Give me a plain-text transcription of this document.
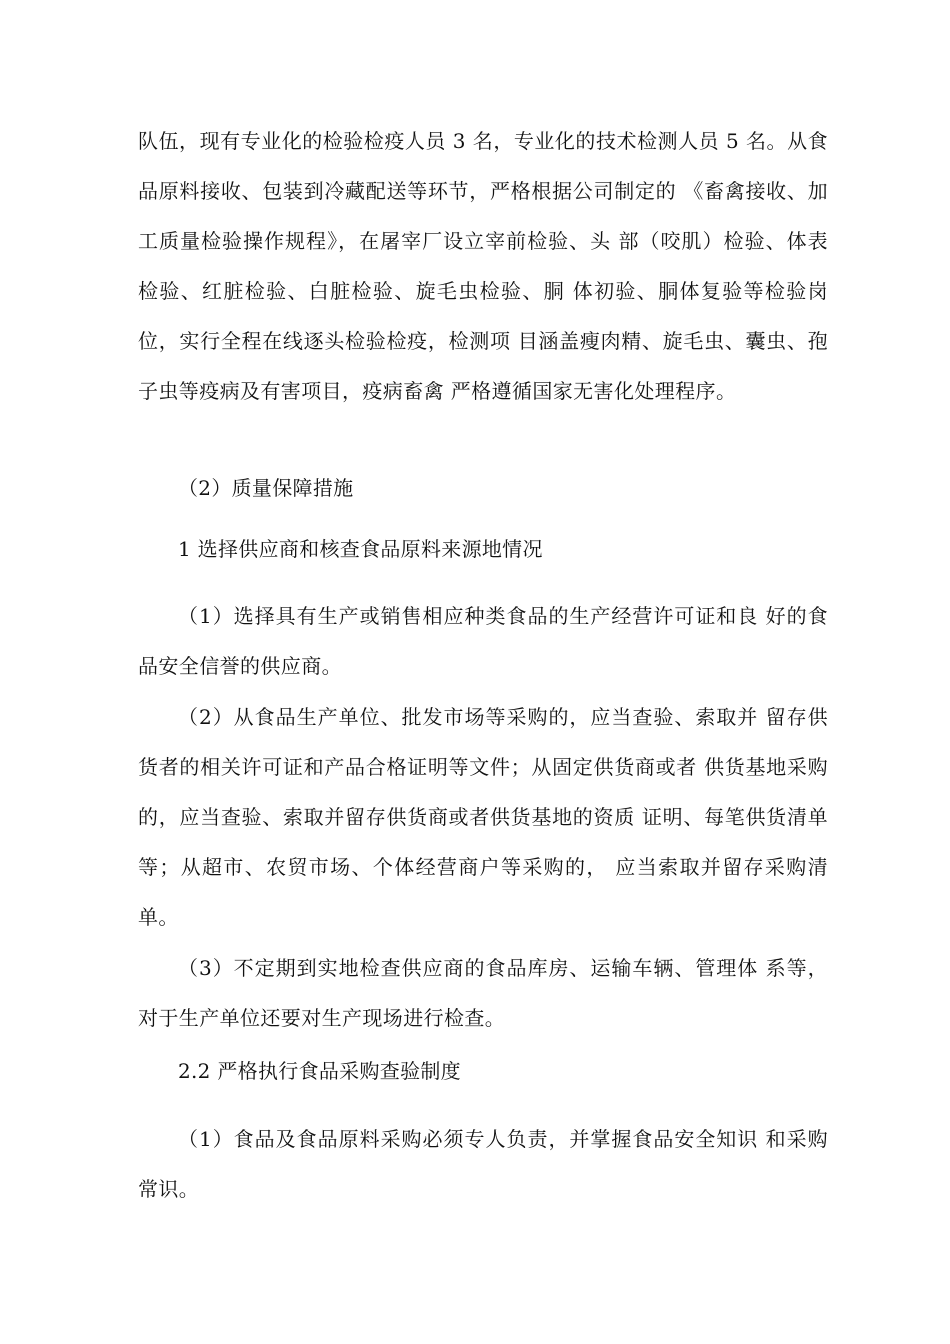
队伍，现有专业化的检验检疫人员 3 名，专业化的技术检测人员 5 名。从食品原料接收、包装到冷藏配送等环节，严格根据公司制定的 《畜禽接收、加工质量检验操作规程》，在屠宰厂设立宰前检验、头 部（咬肌）检验、体表检验、红脏检验、白脏检验、旋毛虫检验、胴 体初验、胴体复验等检验岗位，实行全程在线逐头检验检疫，检测项 目涵盖瘦肉精、旋毛虫、囊虫、孢子虫等疫病及有害项目，疫病畜禽 严格遵循国家无害化处理程序。

（2）质量保障措施

1 选择供应商和核查食品原料来源地情况

（1）选择具有生产或销售相应种类食品的生产经营许可证和良 好的食品安全信誉的供应商。

（2）从食品生产单位、批发市场等采购的，应当查验、索取并 留存供货者的相关许可证和产品合格证明等文件；从固定供货商或者 供货基地采购的，应当查验、索取并留存供货商或者供货基地的资质 证明、每笔供货清单等；从超市、农贸市场、个体经营商户等采购的， 应当索取并留存采购清单。

（3）不定期到实地检查供应商的食品库房、运输车辆、管理体 系等，对于生产单位还要对生产现场进行检查。

2.2 严格执行食品采购查验制度

（1）食品及食品原料采购必须专人负责，并掌握食品安全知识 和采购常识。
